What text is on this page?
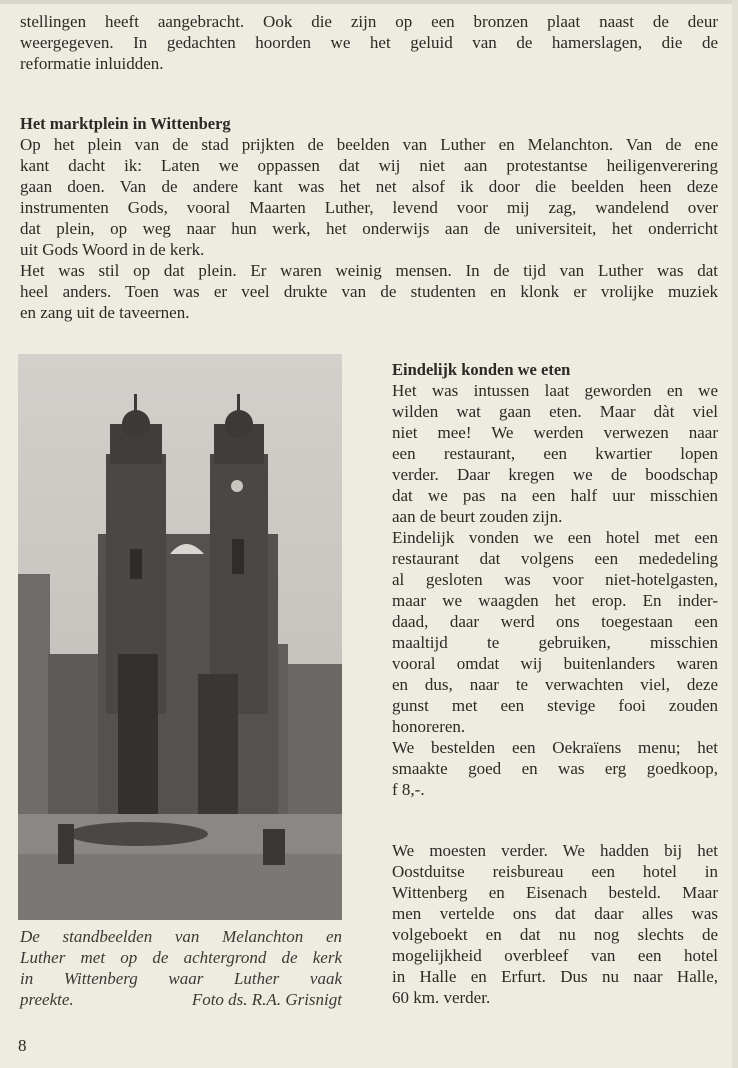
stellingen heeft aangebracht. Ook die zijn op een bronzen plaat naast de deur
weergegeven. In gedachten hoorden we het geluid van de hamerslagen, die de
reformatie inluidden.
Het marktplein in Wittenberg
Op het plein van de stad prijkten de beelden van Luther en Melanchton. Van de ene
kant dacht ik: Laten we oppassen dat wij niet aan protestantse heiligenverering
gaan doen. Van de andere kant was het net alsof ik door die beelden heen deze
instrumenten Gods, vooral Maarten Luther, levend voor mij zag, wandelend over
dat plein, op weg naar hun werk, het onderwijs aan de universiteit, het onderricht
uit Gods Woord in de kerk.
Het was stil op dat plein. Er waren weinig mensen. In de tijd van Luther was dat
heel anders. Toen was er veel drukte van de studenten en klonk er vrolijke muziek
en zang uit de taveernen.
De standbeelden van Melanchton en
Luther met op de achtergrond de kerk
in Wittenberg waar Luther vaak
preekte.	Foto ds. R.A. Grisnigt
Eindelijk konden we eten
Het was intussen laat geworden en we
wilden wat gaan eten. Maar dàt viel
niet mee! We werden verwezen naar
een restaurant, een kwartier lopen
verder. Daar kregen we de boodschap
dat we pas na een half uur misschien
aan de beurt zouden zijn.
Eindelijk vonden we een hotel met een
restaurant dat volgens een mededeling
al gesloten was voor niet-hotelgasten,
maar we waagden het erop. En inder-
daad, daar werd ons toegestaan een
maaltijd te gebruiken, misschien
vooral omdat wij buitenlanders waren
en dus, naar te verwachten viel, deze
gunst met een stevige fooi zouden
honoreren.
We bestelden een Oekraïens menu; het
smaakte goed en was erg goedkoop,
f 8,-.
We moesten verder. We hadden bij het
Oostduitse reisbureau een hotel in
Wittenberg en Eisenach besteld. Maar
men vertelde ons dat daar alles was
volgeboekt en dat nu nog slechts de
mogelijkheid overbleef van een hotel
in Halle en Erfurt. Dus nu naar Halle,
60 km. verder.
8
